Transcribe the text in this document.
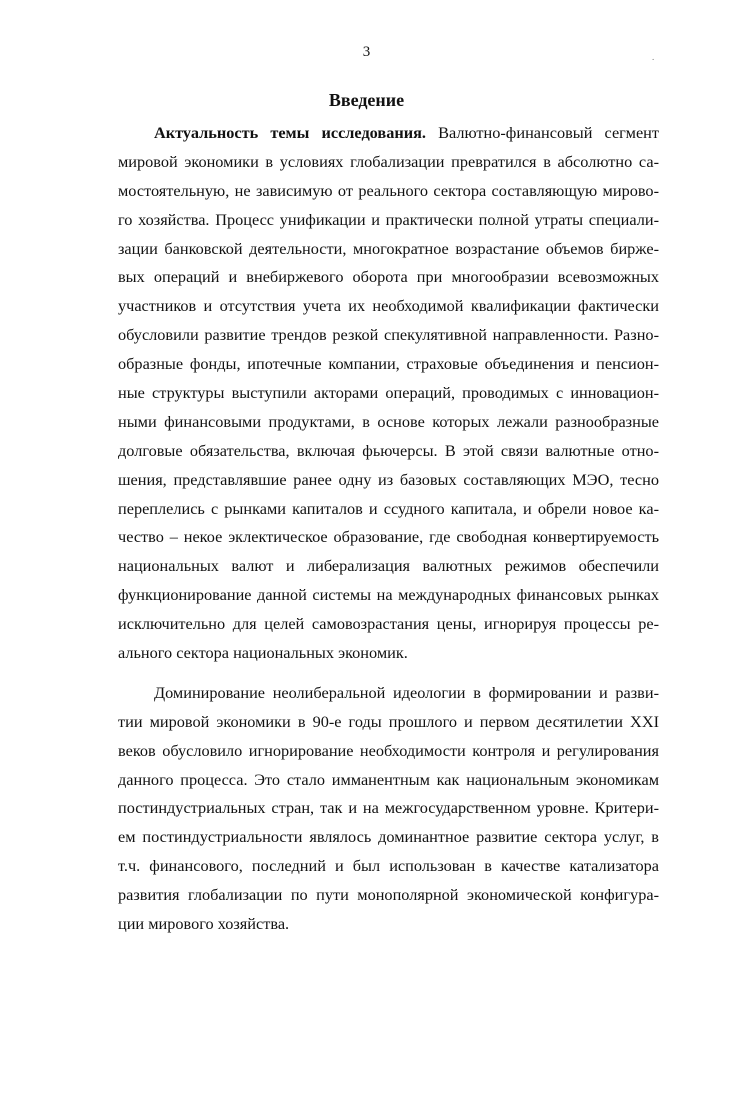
3	.
Введение
Актуальность темы исследования. Валютно-финансовый сегмент
мировой экономики в условиях глобализации превратился в абсолютно са-
мостоятельную, не зависимую от реального сектора составляющую мирово-
го хозяйства. Процесс унификации и практически полной утраты специали-
зации банковской деятельности, многократное возрастание объемов бирже-
вых операций и внебиржевого оборота при многообразии всевозможных
участников и отсутствия учета их необходимой квалификации фактически
обусловили развитие трендов резкой спекулятивной направленности. Разно-
образные фонды, ипотечные компании, страховые объединения и пенсион-
ные структуры выступили акторами операций, проводимых с инновацион-
ными финансовыми продуктами, в основе которых лежали разнообразные
долговые обязательства, включая фьючерсы. В этой связи валютные отно-
шения, представлявшие ранее одну из базовых составляющих МЭО, тесно
переплелись с рынками капиталов и ссудного капитала, и обрели новое ка-
чество – некое эклектическое образование, где свободная конвертируемость
национальных валют и либерализация валютных режимов обеспечили
функционирование данной системы на международных финансовых рынках
исключительно для целей самовозрастания цены, игнорируя процессы ре-
ального сектора национальных экономик.
Доминирование неолиберальной идеологии в формировании и разви-
тии мировой экономики в 90-е годы прошлого и первом десятилетии XXI
веков обусловило игнорирование необходимости контроля и регулирования
данного процесса. Это стало имманентным как национальным экономикам
постиндустриальных стран, так и на межгосударственном уровне. Критери-
ем постиндустриальности являлось доминантное развитие сектора услуг, в
т.ч. финансового, последний и был использован в качестве катализатора
развития глобализации по пути монополярной экономической конфигура-
ции мирового хозяйства.
